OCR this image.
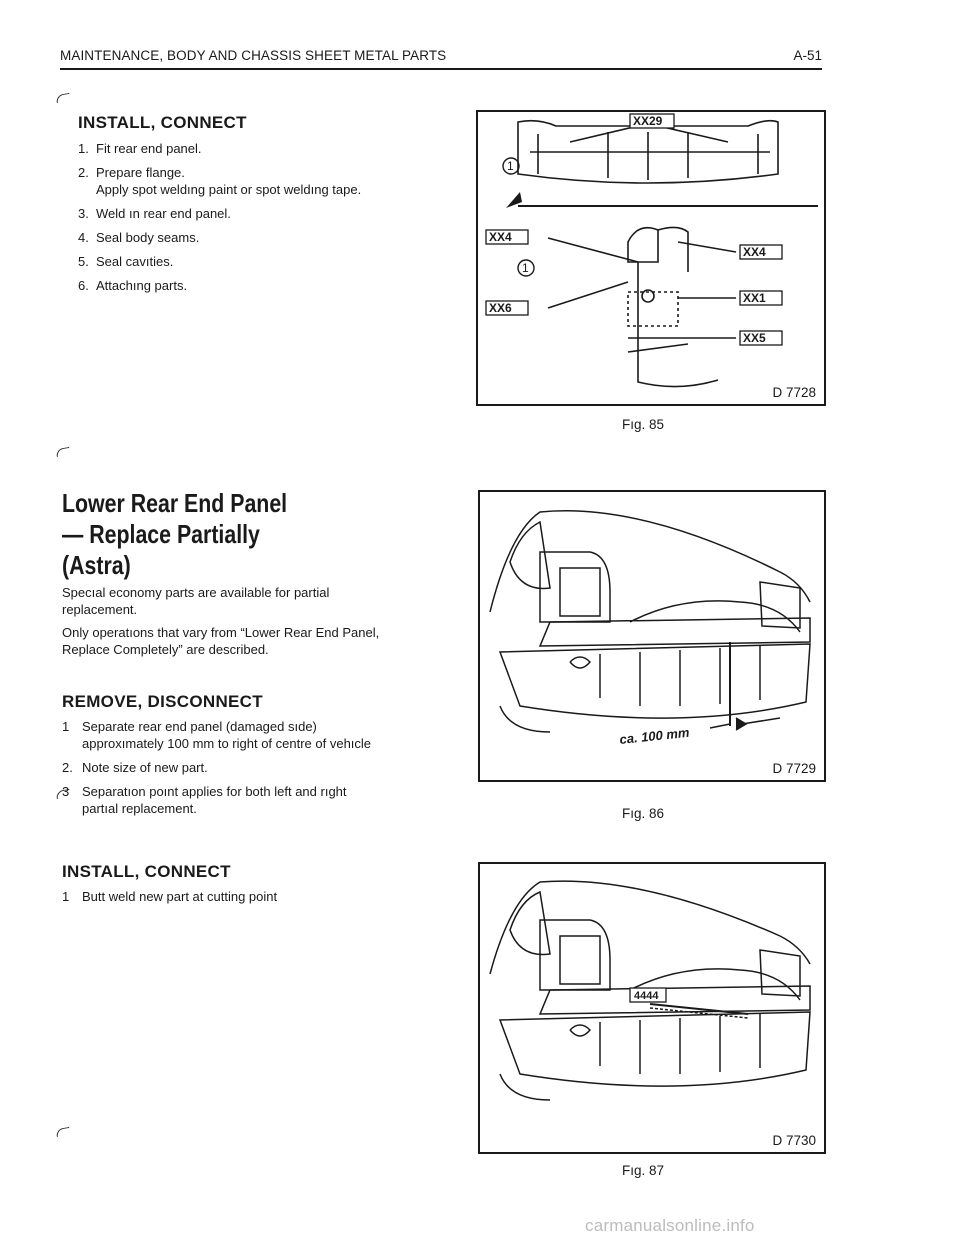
MAINTENANCE, BODY AND CHASSIS SHEET METAL PARTS	A-51
INSTALL, CONNECT
1. Fit rear end panel.
2. Prepare flange.
Apply spot weldıng paint or spot weldıng tape.
3. Weld ın rear end panel.
4. Seal body seams.
5. Seal cavıties.
6. Attachıng parts.
Lower Rear End Panel
— Replace Partially
(Astra)
Specıal economy parts are available for partial replacement.
Only operatıons that vary from “Lower Rear End Panel, Replace Completely” are described.
REMOVE, DISCONNECT
1 Separate rear end panel (damaged sıde) approxımately 100 mm to right of centre of vehıcle
2. Note size of new part.
3 Separatıon poınt applies for both left and rıght partıal replacement.
INSTALL, CONNECT
1 Butt weld new part at cutting point
1
1
XX29
XX4
XX4
XX6
XX1
XX5
D 7728
Fıg. 85
ca. 100 mm
D 7729
Fıg. 86
4444
D 7730
Fıg. 87
carmanualsonline.info
